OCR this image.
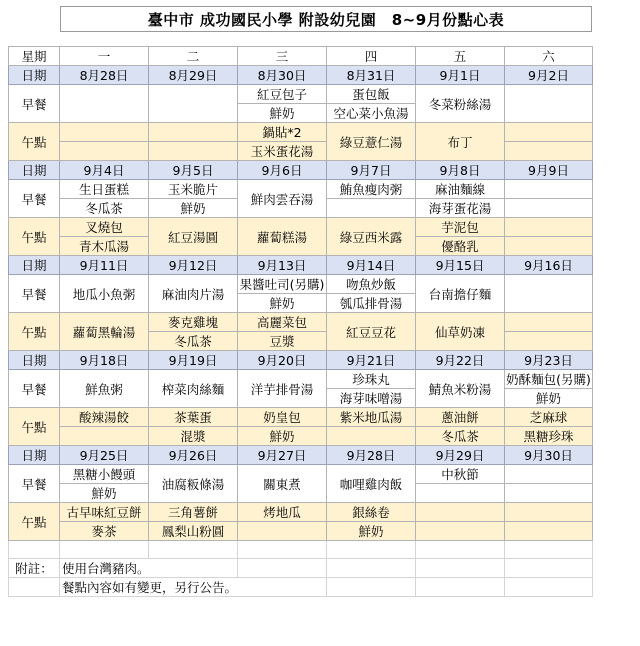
臺中市 成功國民小學 附設幼兒園　8~9月份點心表
星期	一	二	三	四	五	六
日期	8月28日	8月29日	8月30日	8月31日	9月1日	9月2日
早餐			紅豆包子	蛋包飯	冬菜粉絲湯	
			鮮奶	空心菜小魚湯		
午點			鍋貼*2	綠豆薏仁湯	布丁	
			玉米蛋花湯			
日期	9月4日	9月5日	9月6日	9月7日	9月8日	9月9日
早餐	生日蛋糕	玉米脆片	鮮肉雲吞湯	鮪魚瘦肉粥	麻油麵線	
	冬瓜茶	鮮奶			海芽蛋花湯	
午點	叉燒包	紅豆湯圓	蘿蔔糕湯	綠豆西米露	芋泥包	
	青木瓜湯				優酪乳	
日期	9月11日	9月12日	9月13日	9月14日	9月15日	9月16日
早餐	地瓜小魚粥	麻油肉片湯	果醬吐司(另購)	吻魚炒飯	台南擔仔麵	
			鮮奶	瓠瓜排骨湯		
午點	蘿蔔黑輪湯	麥克雞塊	高麗菜包	紅豆豆花	仙草奶凍	
		冬瓜茶	豆漿			
日期	9月18日	9月19日	9月20日	9月21日	9月22日	9月23日
早餐	鮮魚粥	榨菜肉絲麵	洋芋排骨湯	珍珠丸	鯖魚米粉湯	奶酥麵包(另購)
				海芽味噌湯		鮮奶
午點	酸辣湯餃	茶葉蛋	奶皇包	紫米地瓜湯	蔥油餅	芝麻球
		混漿	鮮奶		冬瓜茶	黑糖珍珠
日期	9月25日	9月26日	9月27日	9月28日	9月29日	9月30日
早餐	黑糖小饅頭	油腐粄條湯	關東煮	咖哩雞肉飯	中秋節	
	鮮奶					
午點	古早味紅豆餅	三角薯餅	烤地瓜	銀絲卷		
	麥茶	鳳梨山粉圓		鮮奶		

附註：	使用台灣豬肉。					
	餐點內容如有變更，另行公告。					
